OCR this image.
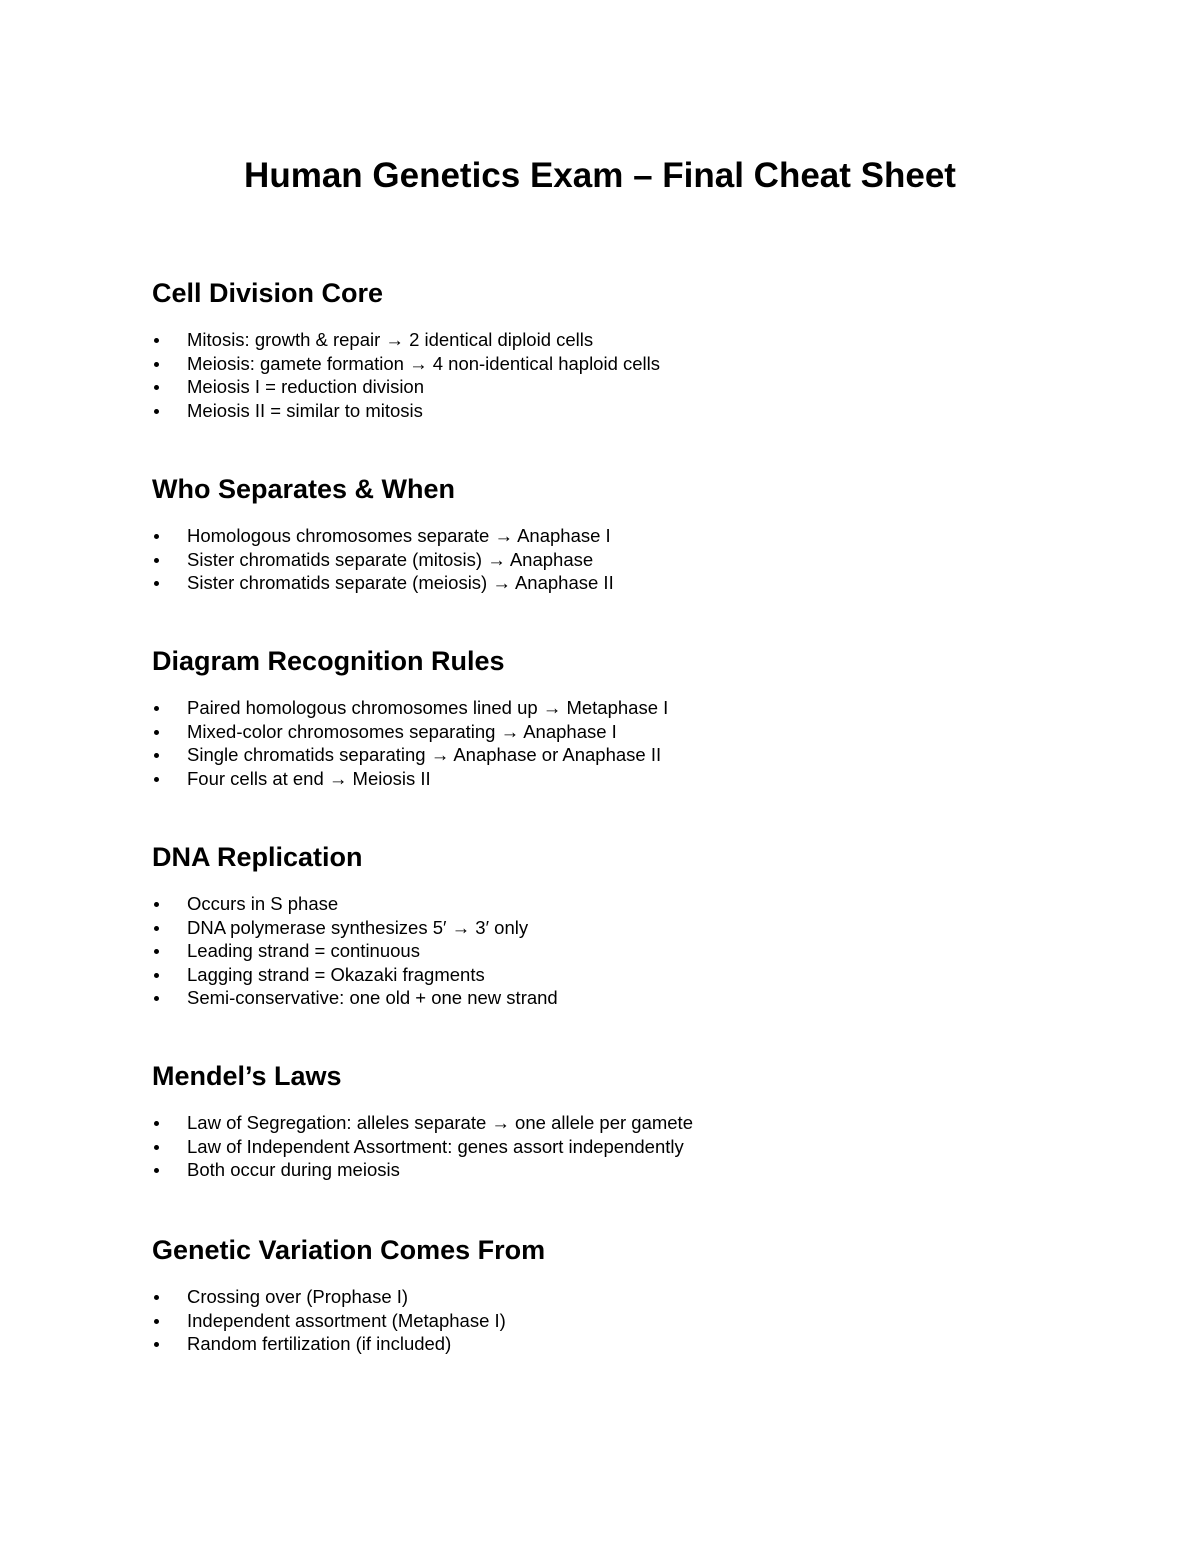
Human Genetics Exam – Final Cheat Sheet
Cell Division Core
Mitosis: growth & repair → 2 identical diploid cells
Meiosis: gamete formation → 4 non-identical haploid cells
Meiosis I = reduction division
Meiosis II = similar to mitosis
Who Separates & When
Homologous chromosomes separate → Anaphase I
Sister chromatids separate (mitosis) → Anaphase
Sister chromatids separate (meiosis) → Anaphase II
Diagram Recognition Rules
Paired homologous chromosomes lined up → Metaphase I
Mixed-color chromosomes separating → Anaphase I
Single chromatids separating → Anaphase or Anaphase II
Four cells at end → Meiosis II
DNA Replication
Occurs in S phase
DNA polymerase synthesizes 5′ → 3′ only
Leading strand = continuous
Lagging strand = Okazaki fragments
Semi-conservative: one old + one new strand
Mendel’s Laws
Law of Segregation: alleles separate → one allele per gamete
Law of Independent Assortment: genes assort independently
Both occur during meiosis
Genetic Variation Comes From
Crossing over (Prophase I)
Independent assortment (Metaphase I)
Random fertilization (if included)
